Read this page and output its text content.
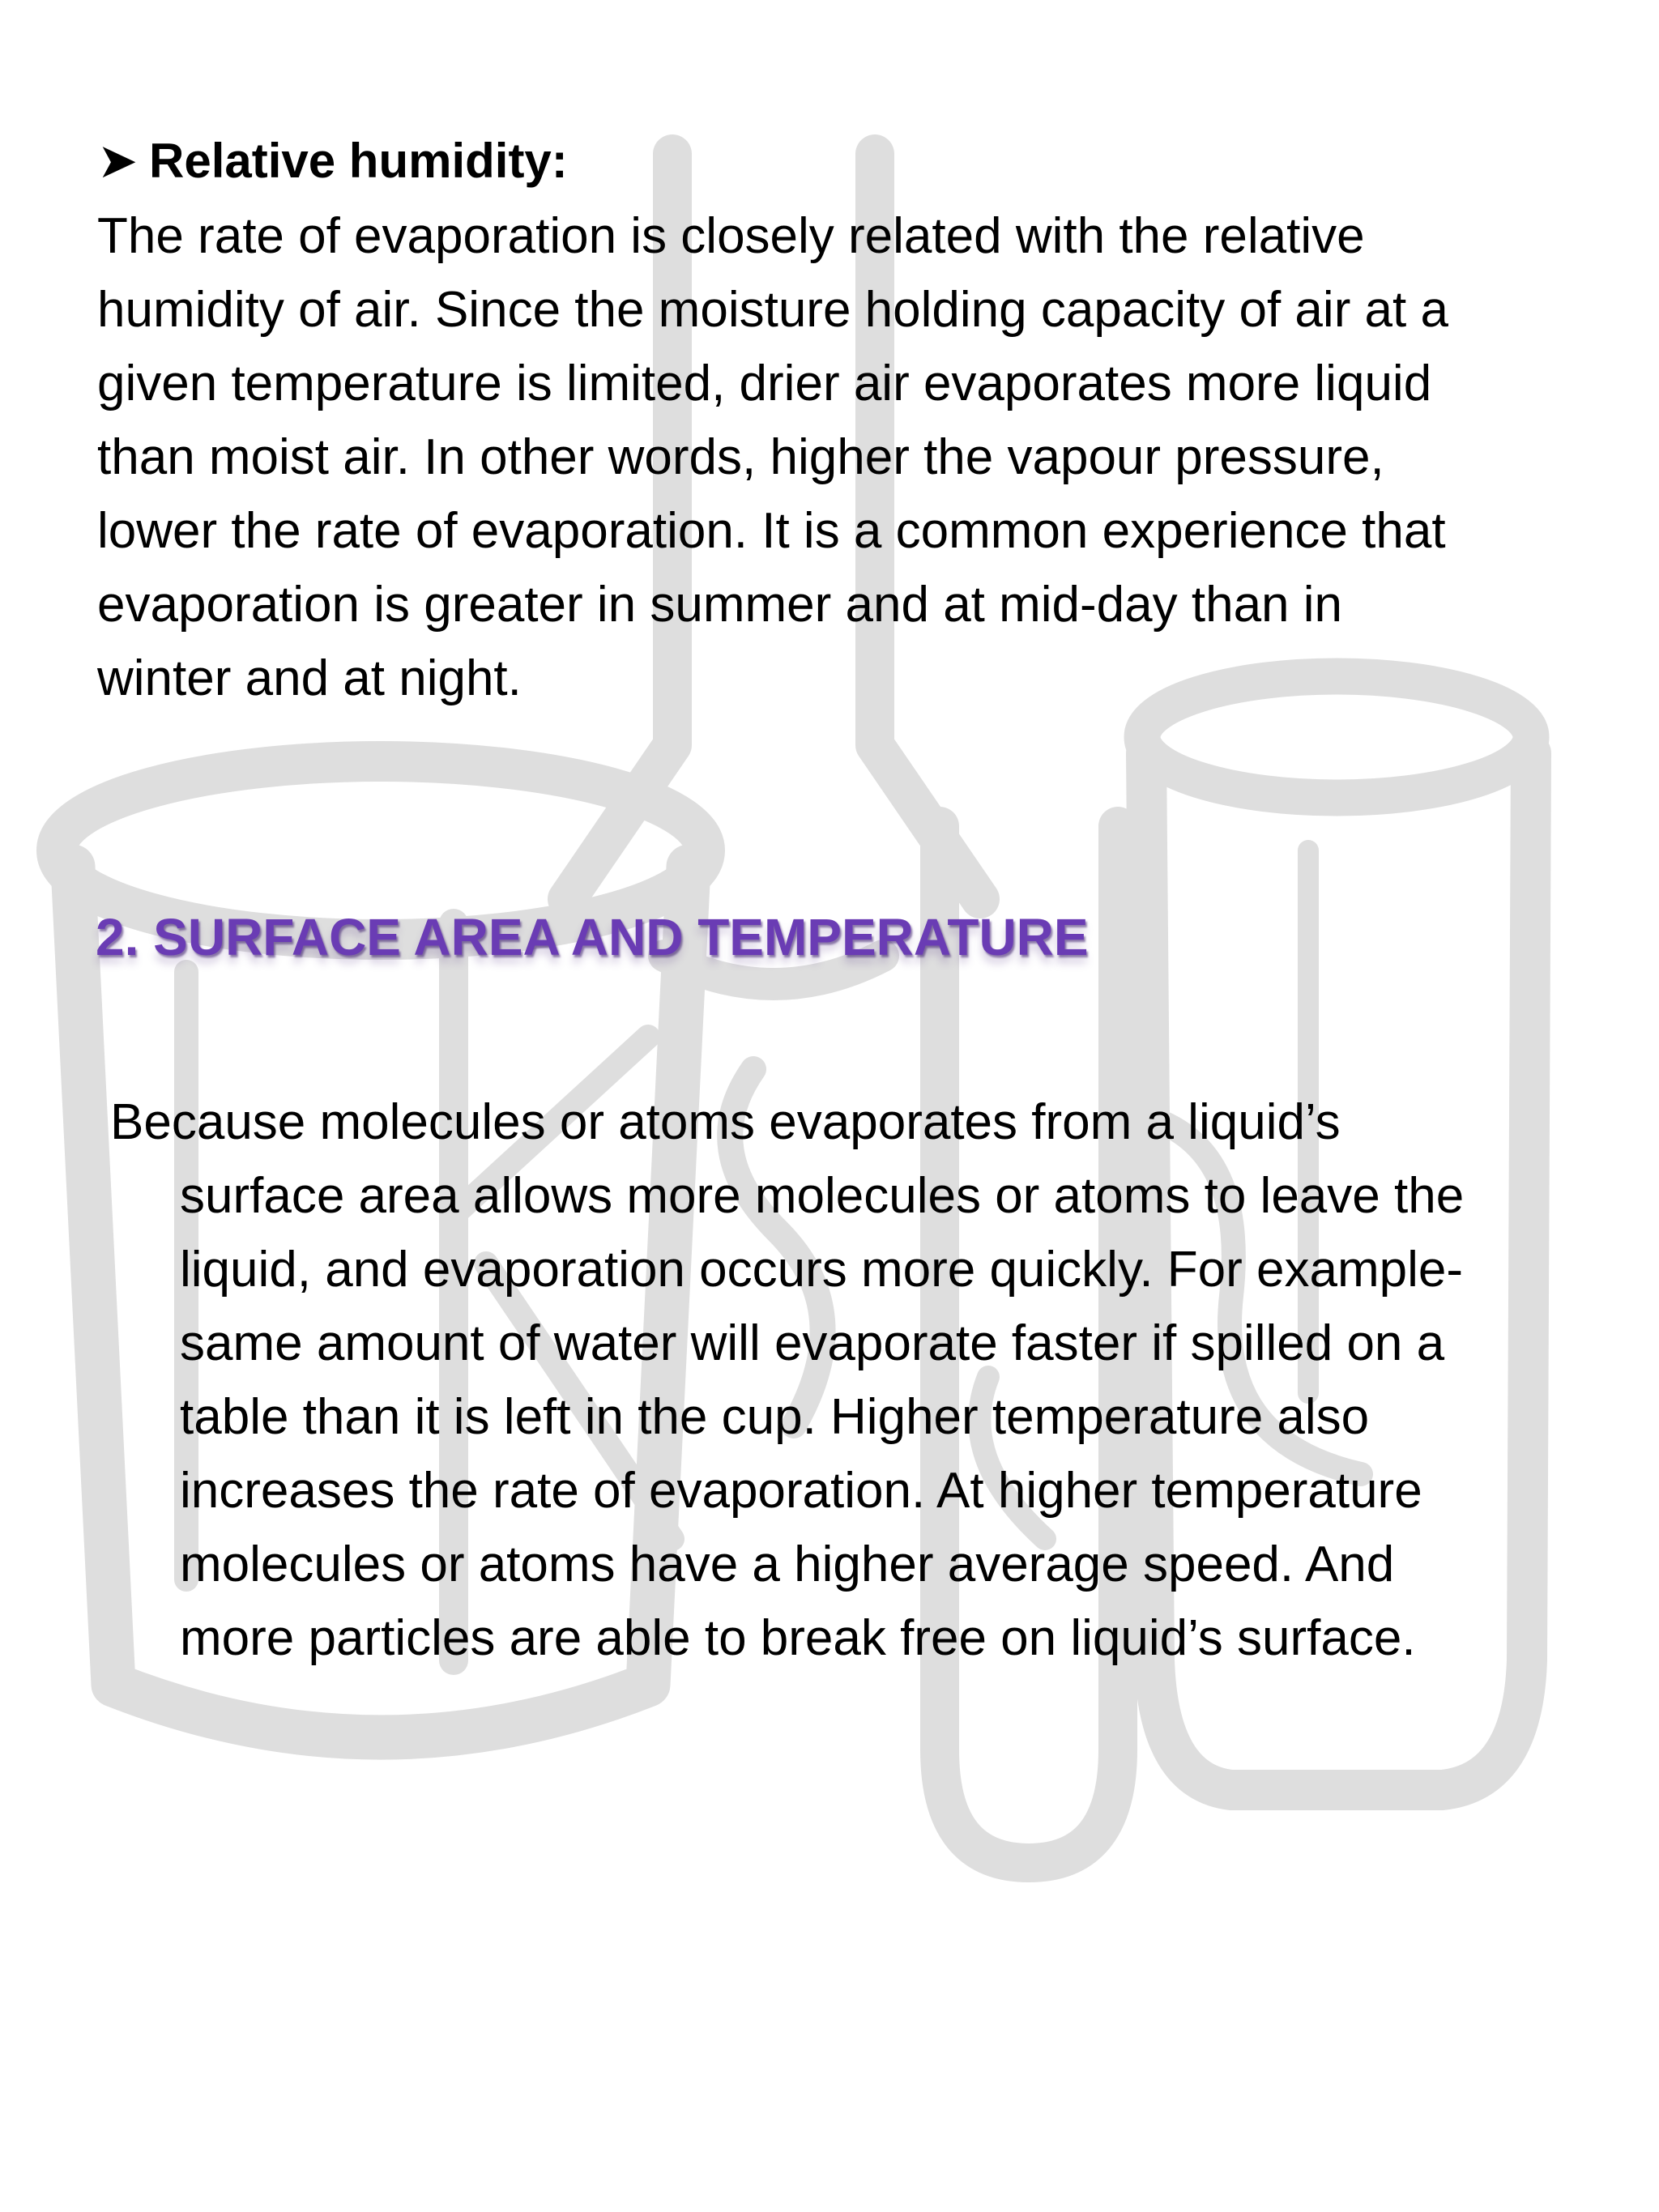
➤ Relative humidity:
The rate of evaporation is closely related with the relative
humidity of air. Since the moisture holding capacity of air at a
given temperature is limited, drier air evaporates more liquid
than moist air. In other words, higher the vapour pressure,
lower the rate of evaporation. It is a common experience that
evaporation is greater in summer and at mid-day than in
winter and at night.
2. SURFACE AREA AND TEMPERATURE
Because molecules or atoms evaporates from a liquid’s
surface area allows more molecules or atoms to leave the
liquid, and evaporation occurs more quickly. For example-
same amount of water will evaporate faster if spilled on a
table than it is left in the cup. Higher temperature also
increases the rate of evaporation. At higher temperature
molecules or atoms have a higher average speed. And
more particles are able to break free on liquid’s surface.
